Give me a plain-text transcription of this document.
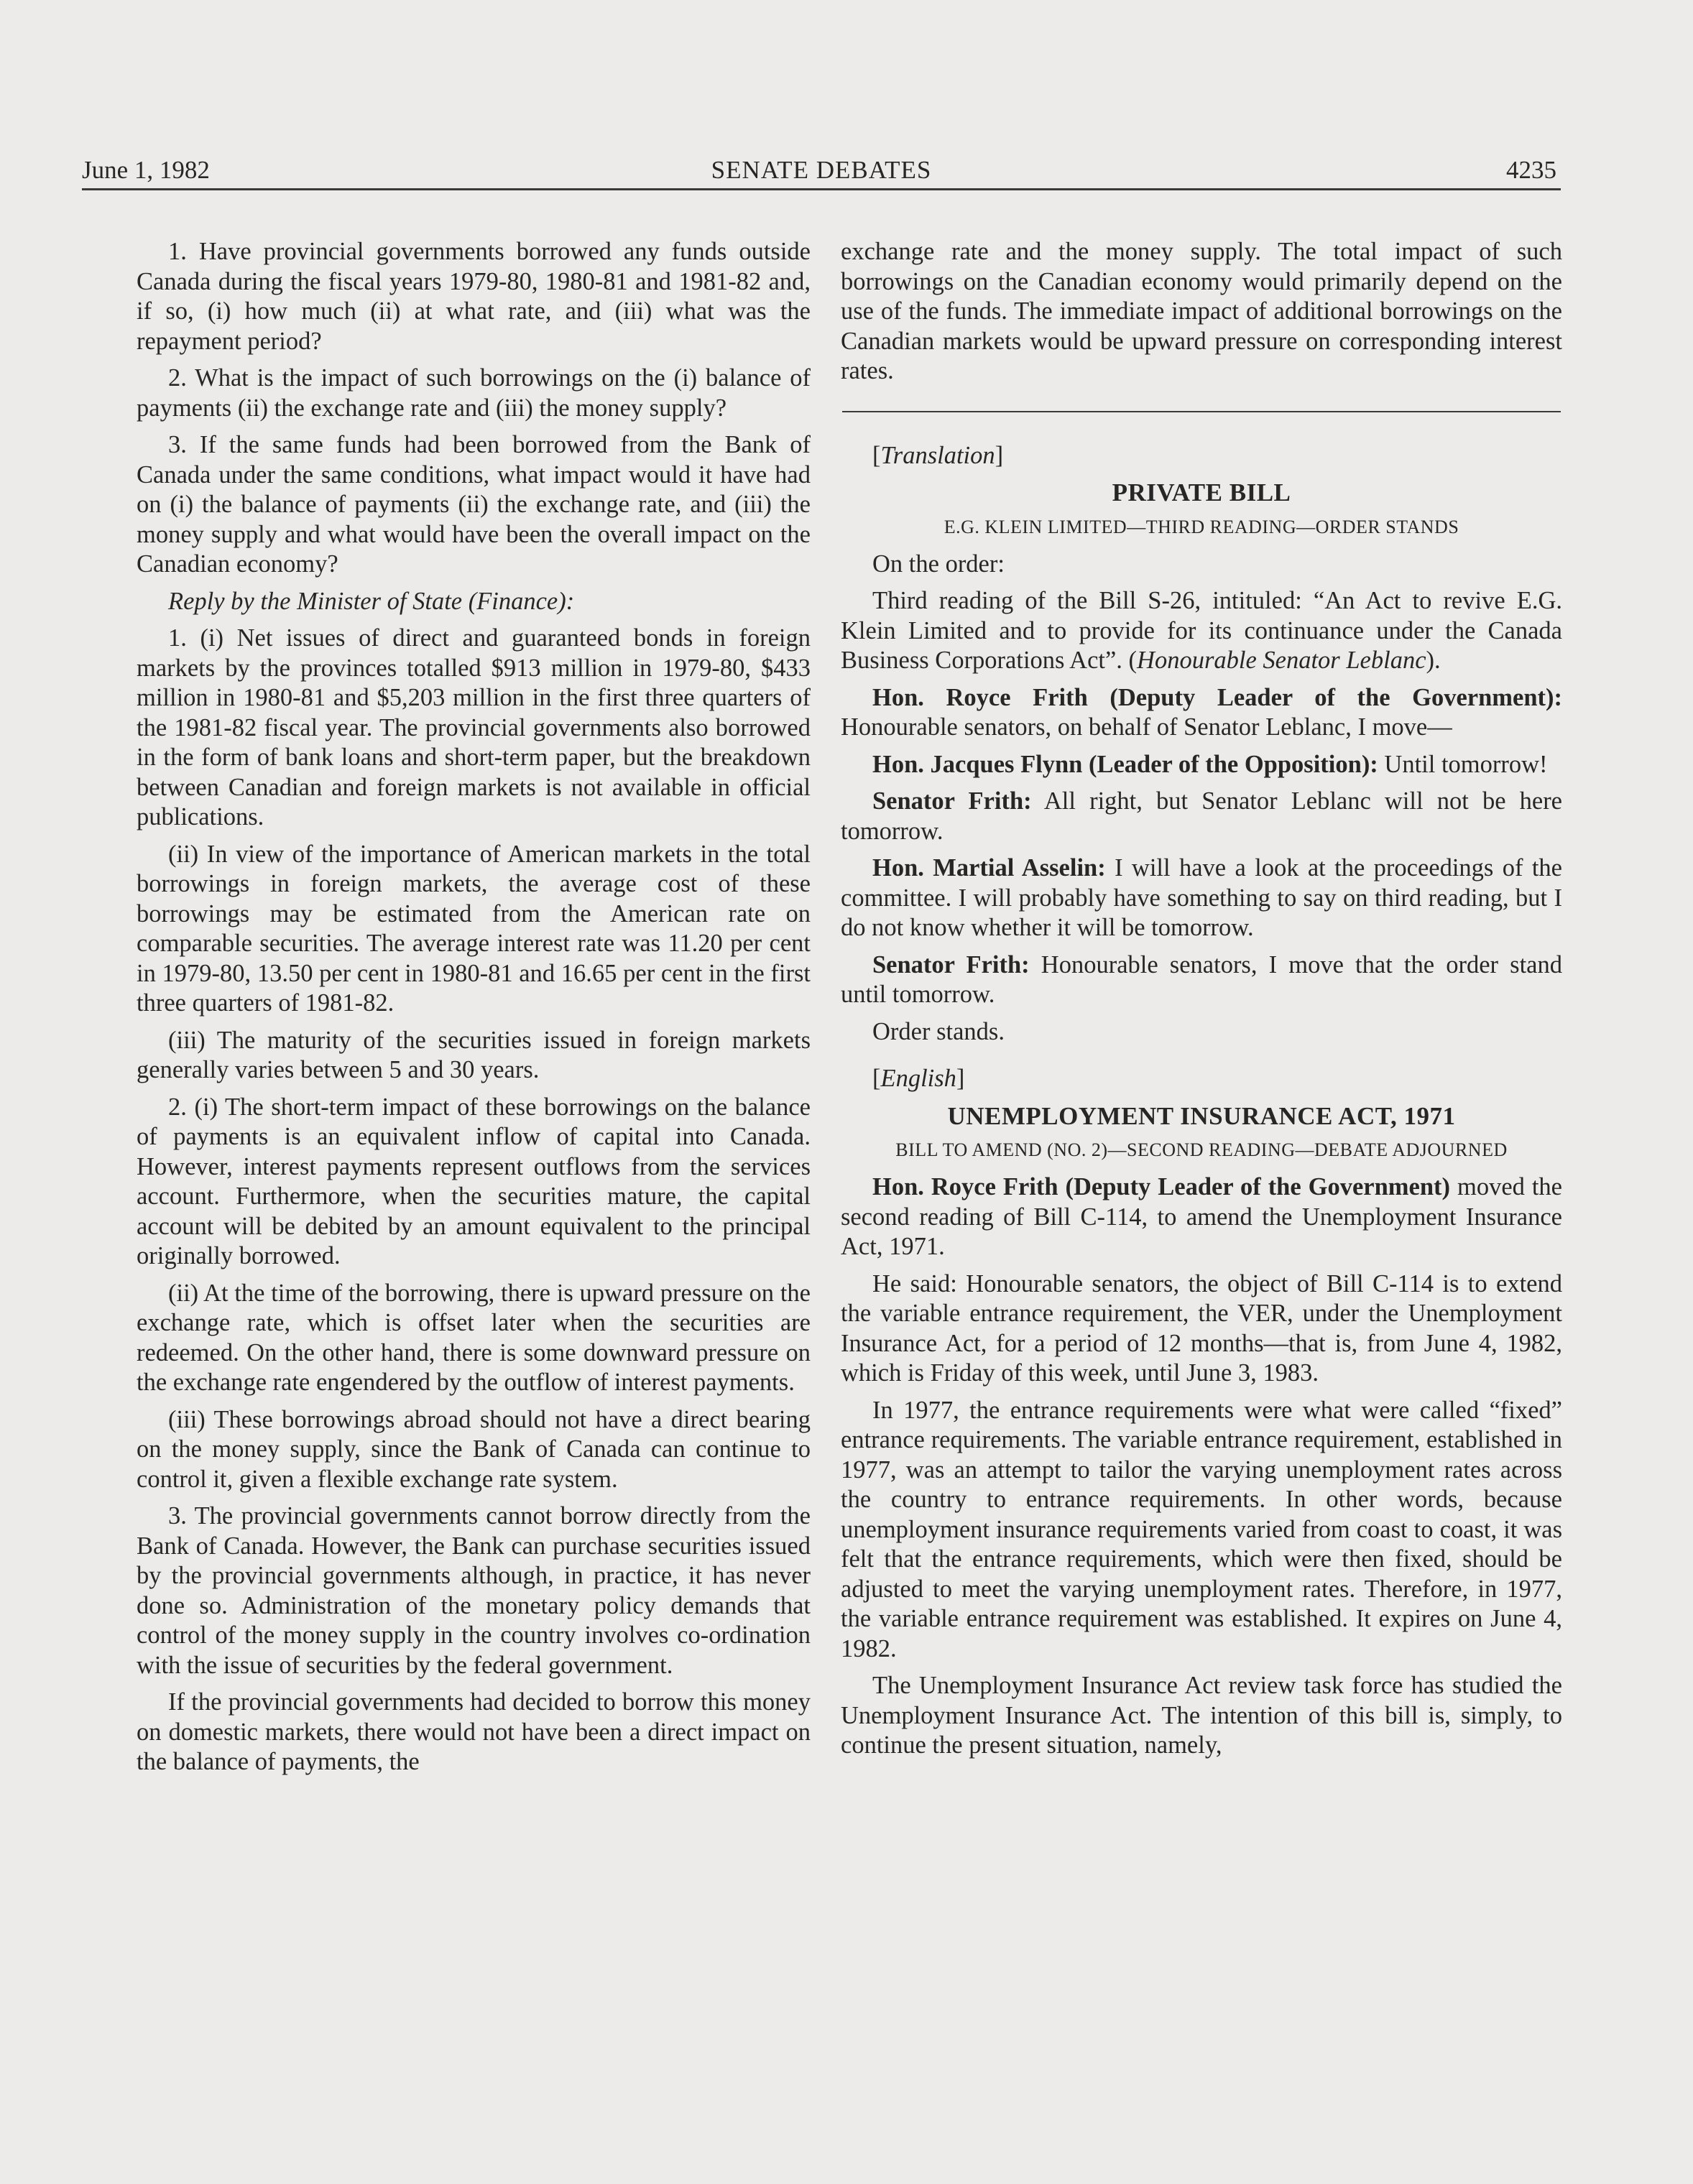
June 1, 1982	SENATE DEBATES	4235

1. Have provincial governments borrowed any funds outside Canada during the fiscal years 1979-80, 1980-81 and 1981-82 and, if so, (i) how much (ii) at what rate, and (iii) what was the repayment period?

2. What is the impact of such borrowings on the (i) balance of payments (ii) the exchange rate and (iii) the money supply?

3. If the same funds had been borrowed from the Bank of Canada under the same conditions, what impact would it have had on (i) the balance of payments (ii) the exchange rate, and (iii) the money supply and what would have been the overall impact on the Canadian economy?

Reply by the Minister of State (Finance):

1. (i) Net issues of direct and guaranteed bonds in foreign markets by the provinces totalled $913 million in 1979-80, $433 million in 1980-81 and $5,203 million in the first three quarters of the 1981-82 fiscal year. The provincial governments also borrowed in the form of bank loans and short-term paper, but the breakdown between Canadian and foreign markets is not available in official publications.

(ii) In view of the importance of American markets in the total borrowings in foreign markets, the average cost of these borrowings may be estimated from the American rate on comparable securities. The average interest rate was 11.20 per cent in 1979-80, 13.50 per cent in 1980-81 and 16.65 per cent in the first three quarters of 1981-82.

(iii) The maturity of the securities issued in foreign markets generally varies between 5 and 30 years.

2. (i) The short-term impact of these borrowings on the balance of payments is an equivalent inflow of capital into Canada. However, interest payments represent outflows from the services account. Furthermore, when the securities mature, the capital account will be debited by an amount equivalent to the principal originally borrowed.

(ii) At the time of the borrowing, there is upward pressure on the exchange rate, which is offset later when the securities are redeemed. On the other hand, there is some downward pressure on the exchange rate engendered by the outflow of interest payments.

(iii) These borrowings abroad should not have a direct bearing on the money supply, since the Bank of Canada can continue to control it, given a flexible exchange rate system.

3. The provincial governments cannot borrow directly from the Bank of Canada. However, the Bank can purchase securities issued by the provincial governments although, in practice, it has never done so. Administration of the monetary policy demands that control of the money supply in the country involves co-ordination with the issue of securities by the federal government.

If the provincial governments had decided to borrow this money on domestic markets, there would not have been a direct impact on the balance of payments, the

exchange rate and the money supply. The total impact of such borrowings on the Canadian economy would primarily depend on the use of the funds. The immediate impact of additional borrowings on the Canadian markets would be upward pressure on corresponding interest rates.

[Translation]

PRIVATE BILL
E.G. KLEIN LIMITED—THIRD READING—ORDER STANDS

On the order:

Third reading of the Bill S-26, intituled: “An Act to revive E.G. Klein Limited and to provide for its continuance under the Canada Business Corporations Act”. (Honourable Senator Leblanc).

Hon. Royce Frith (Deputy Leader of the Government): Honourable senators, on behalf of Senator Leblanc, I move—

Hon. Jacques Flynn (Leader of the Opposition): Until tomorrow!

Senator Frith: All right, but Senator Leblanc will not be here tomorrow.

Hon. Martial Asselin: I will have a look at the proceedings of the committee. I will probably have something to say on third reading, but I do not know whether it will be tomorrow.

Senator Frith: Honourable senators, I move that the order stand until tomorrow.

Order stands.

[English]

UNEMPLOYMENT INSURANCE ACT, 1971
BILL TO AMEND (NO. 2)—SECOND READING—DEBATE ADJOURNED

Hon. Royce Frith (Deputy Leader of the Government) moved the second reading of Bill C-114, to amend the Unemployment Insurance Act, 1971.

He said: Honourable senators, the object of Bill C-114 is to extend the variable entrance requirement, the VER, under the Unemployment Insurance Act, for a period of 12 months—that is, from June 4, 1982, which is Friday of this week, until June 3, 1983.

In 1977, the entrance requirements were what were called “fixed” entrance requirements. The variable entrance requirement, established in 1977, was an attempt to tailor the varying unemployment rates across the country to entrance requirements. In other words, because unemployment insurance requirements varied from coast to coast, it was felt that the entrance requirements, which were then fixed, should be adjusted to meet the varying unemployment rates. Therefore, in 1977, the variable entrance requirement was established. It expires on June 4, 1982.

The Unemployment Insurance Act review task force has studied the Unemployment Insurance Act. The intention of this bill is, simply, to continue the present situation, namely,
